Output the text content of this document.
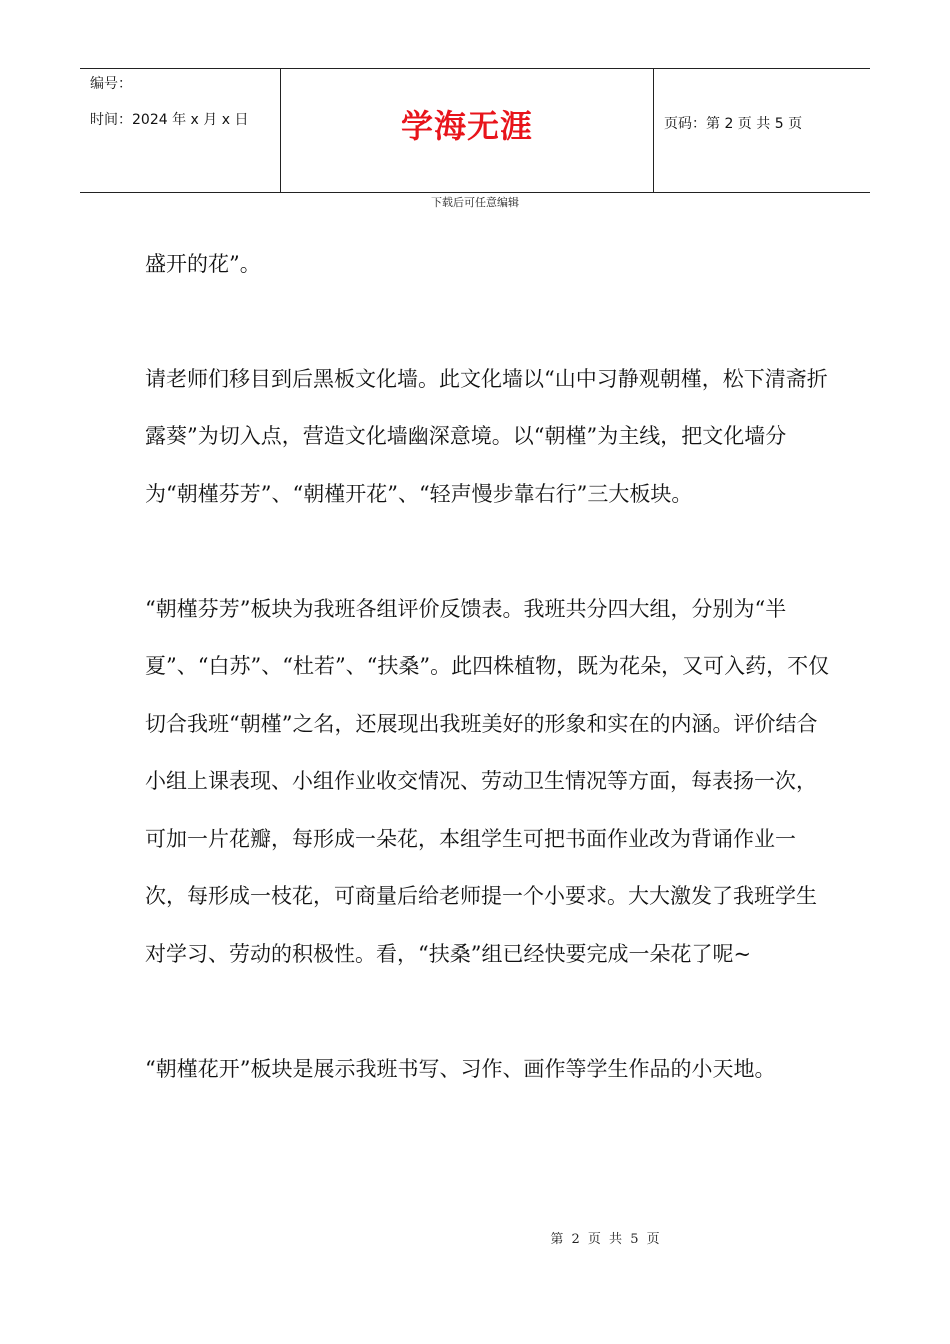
编号：
时间：2024 年 x 月 x 日	学海无涯	页码：第 2 页 共 5 页
下载后可任意编辑

盛开的花”。

请老师们移目到后黑板文化墙。此文化墙以“山中习静观朝槿，松下清斋折露葵”为切入点，营造文化墙幽深意境。以“朝槿”为主线，把文化墙分为“朝槿芬芳”、“朝槿开花”、“轻声慢步靠右行”三大板块。

“朝槿芬芳”板块为我班各组评价反馈表。我班共分四大组，分别为“半夏”、“白苏”、“杜若”、“扶桑”。此四株植物，既为花朵，又可入药，不仅切合我班“朝槿”之名，还展现出我班美好的形象和实在的内涵。评价结合小组上课表现、小组作业收交情况、劳动卫生情况等方面，每表扬一次，可加一片花瓣，每形成一朵花，本组学生可把书面作业改为背诵作业一次，每形成一枝花，可商量后给老师提一个小要求。大大激发了我班学生对学习、劳动的积极性。看，“扶桑”组已经快要完成一朵花了呢~

“朝槿花开”板块是展示我班书写、习作、画作等学生作品的小天地。

第 2 页 共 5 页
